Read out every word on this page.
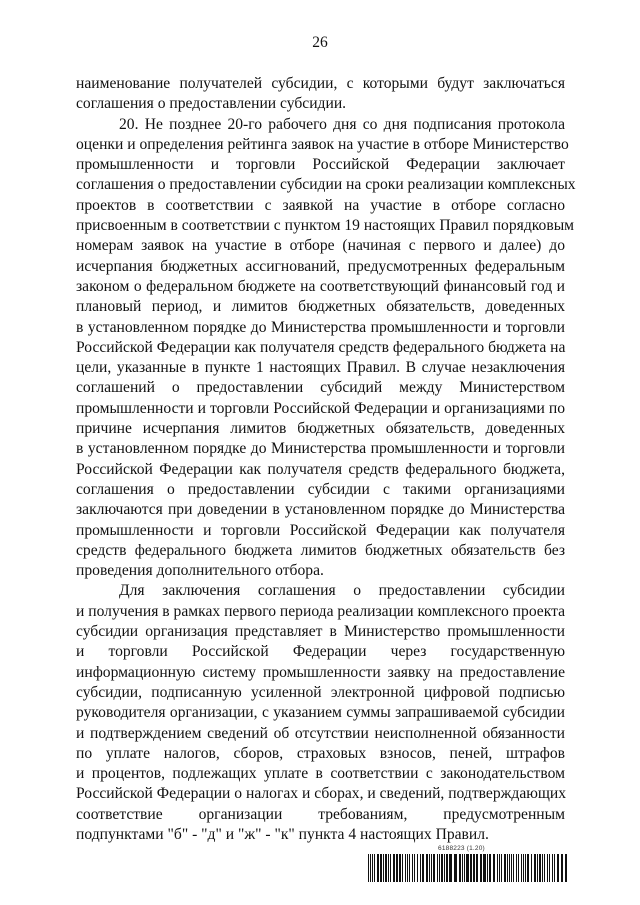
26
наименование получателей субсидии, с которыми будут заключаться
соглашения о предоставлении субсидии.
20. Не позднее 20-го рабочего дня со дня подписания протокола
оценки и определения рейтинга заявок на участие в отборе Министерство
промышленности и торговли Российской Федерации заключает
соглашения о предоставлении субсидии на сроки реализации комплексных
проектов в соответствии с заявкой на участие в отборе согласно
присвоенным в соответствии с пунктом 19 настоящих Правил порядковым
номерам заявок на участие в отборе (начиная с первого и далее) до
исчерпания бюджетных ассигнований, предусмотренных федеральным
законом о федеральном бюджете на соответствующий финансовый год и
плановый период, и лимитов бюджетных обязательств, доведенных
в установленном порядке до Министерства промышленности и торговли
Российской Федерации как получателя средств федерального бюджета на
цели, указанные в пункте 1 настоящих Правил. В случае незаключения
соглашений о предоставлении субсидий между Министерством
промышленности и торговли Российской Федерации и организациями по
причине исчерпания лимитов бюджетных обязательств, доведенных
в установленном порядке до Министерства промышленности и торговли
Российской Федерации как получателя средств федерального бюджета,
соглашения о предоставлении субсидии с такими организациями
заключаются при доведении в установленном порядке до Министерства
промышленности и торговли Российской Федерации как получателя
средств федерального бюджета лимитов бюджетных обязательств без
проведения дополнительного отбора.
Для заключения соглашения о предоставлении субсидии
и получения в рамках первого периода реализации комплексного проекта
субсидии организация представляет в Министерство промышленности
и торговли Российской Федерации через государственную
информационную систему промышленности заявку на предоставление
субсидии, подписанную усиленной электронной цифровой подписью
руководителя организации, с указанием суммы запрашиваемой субсидии
и подтверждением сведений об отсутствии неисполненной обязанности
по уплате налогов, сборов, страховых взносов, пеней, штрафов
и процентов, подлежащих уплате в соответствии с законодательством
Российской Федерации о налогах и сборах, и сведений, подтверждающих
соответствие организации требованиям, предусмотренным
подпунктами "б" - "д" и "ж" - "к" пункта 4 настоящих Правил.
6188223 (1.20)
